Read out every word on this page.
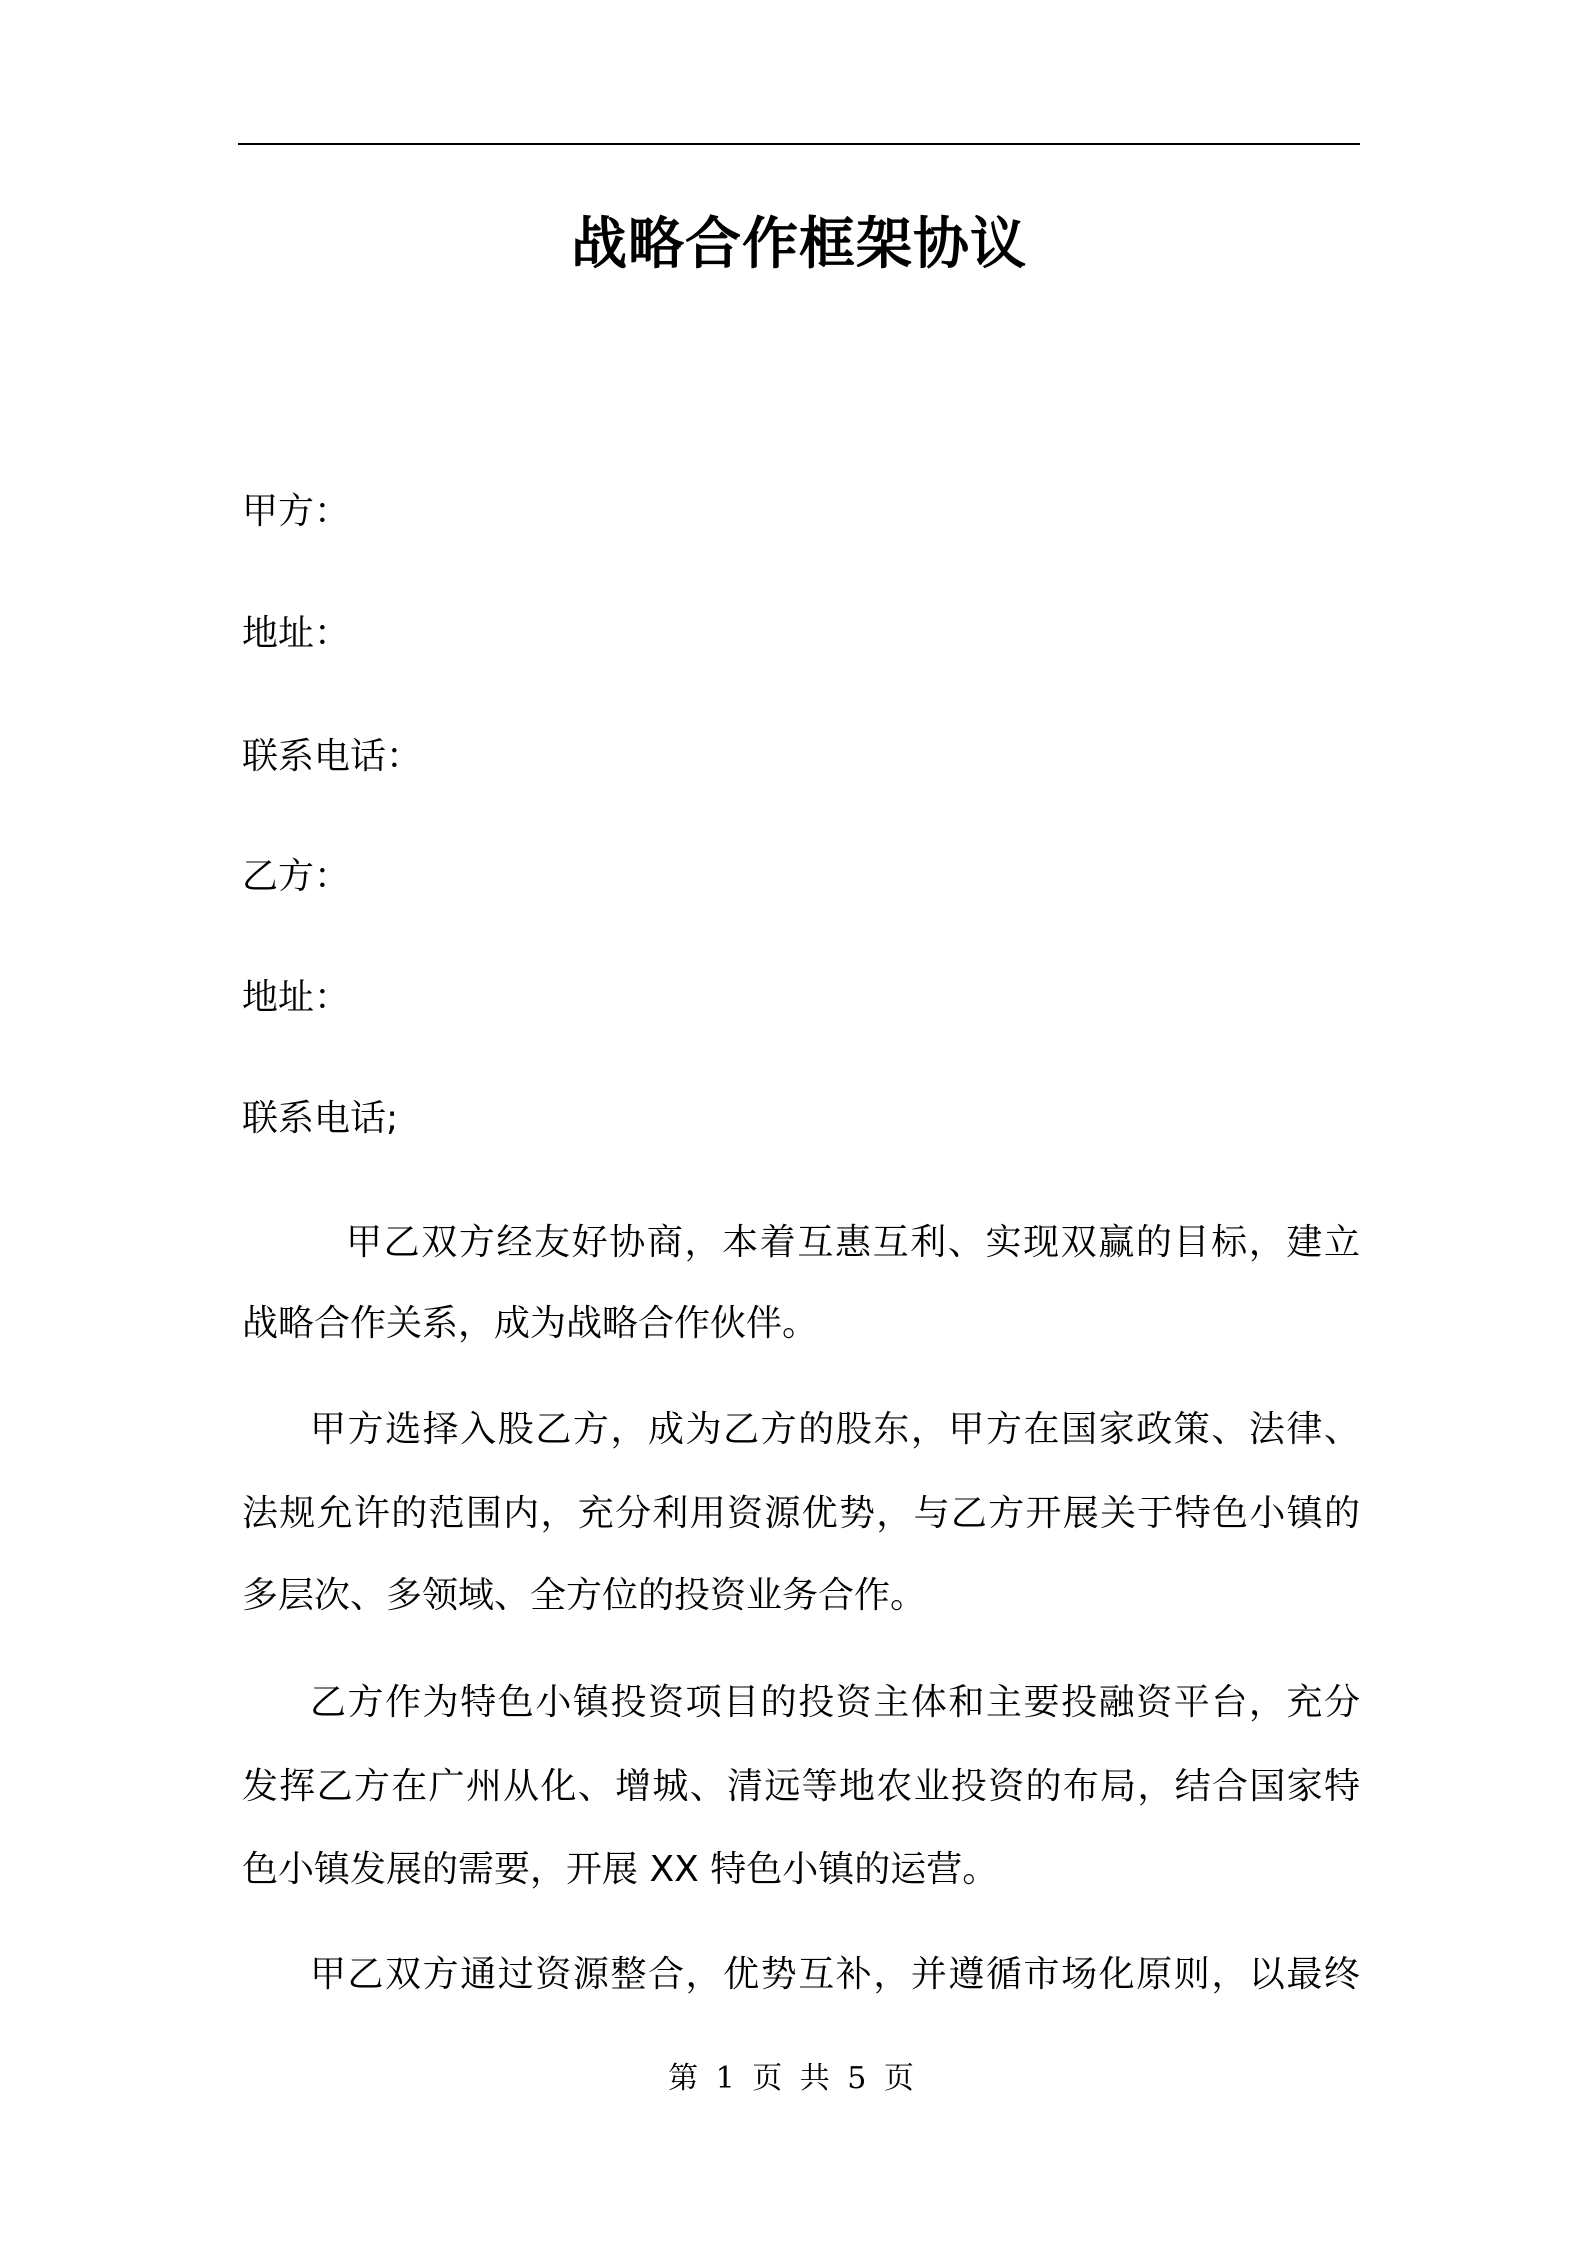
战略合作框架协议
甲方：
地址：
联系电话：
乙方：
地址：
联系电话;
甲乙双方经友好协商，本着互惠互利、实现双赢的目标，建立
战略合作关系，成为战略合作伙伴。
甲方选择入股乙方，成为乙方的股东，甲方在国家政策、法律、
法规允许的范围内，充分利用资源优势，与乙方开展关于特色小镇的
多层次、多领域、全方位的投资业务合作。
乙方作为特色小镇投资项目的投资主体和主要投融资平台，充分
发挥乙方在广州从化、增城、清远等地农业投资的布局，结合国家特
色小镇发展的需要，开展 XX 特色小镇的运营。
甲乙双方通过资源整合，优势互补，并遵循市场化原则，以最终
第 1 页 共 5 页
